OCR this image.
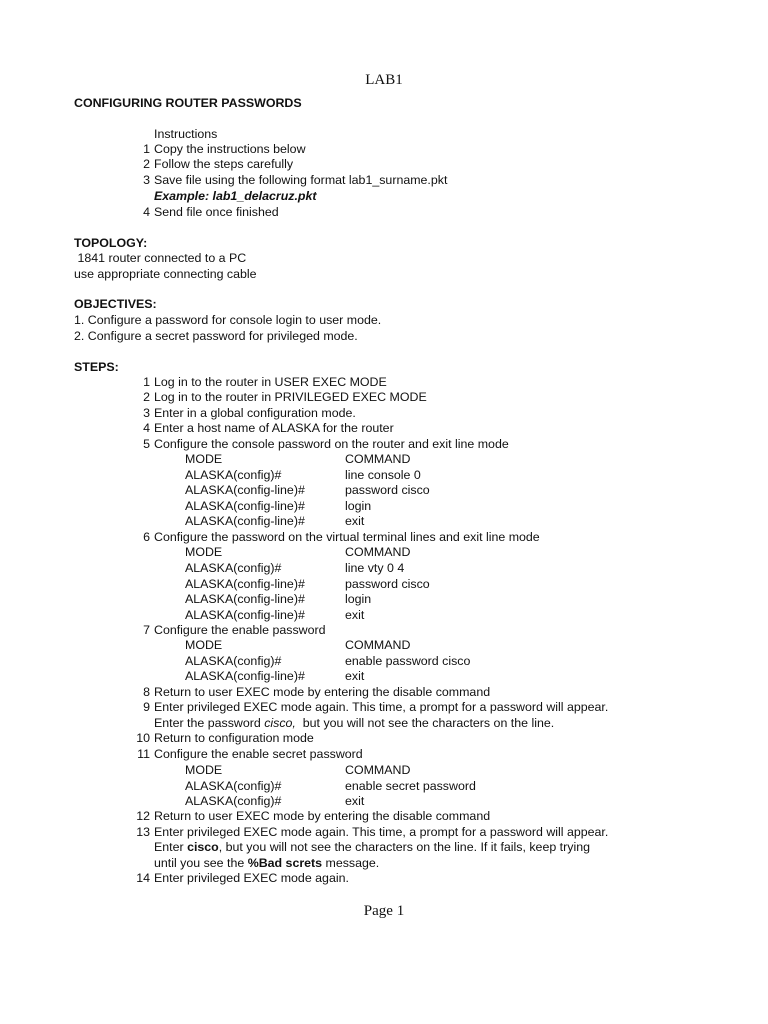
LAB1
CONFIGURING ROUTER PASSWORDS
Instructions
1 Copy the instructions below
2 Follow the steps carefully
3 Save file using the following format lab1_surname.pkt
Example: lab1_delacruz.pkt
4 Send file once finished
TOPOLOGY:
1841 router connected to a PC
use appropriate connecting cable
OBJECTIVES:
1. Configure a password for console login to user mode.
2. Configure a secret password for privileged mode.
STEPS:
1 Log in to the router in USER EXEC MODE
2 Log in to the router in PRIVILEGED EXEC MODE
3 Enter in a global configuration mode.
4 Enter a host name of ALASKA for the router
5 Configure the console password on the router and exit line mode
MODE	COMMAND
ALASKA(config)#	line console 0
ALASKA(config-line)#	password cisco
ALASKA(config-line)#	login
ALASKA(config-line)#	exit
6 Configure the password on the virtual terminal lines and exit line mode
MODE	COMMAND
ALASKA(config)#	line vty 0 4
ALASKA(config-line)#	password cisco
ALASKA(config-line)#	login
ALASKA(config-line)#	exit
7 Configure the enable password
MODE	COMMAND
ALASKA(config)#	enable password cisco
ALASKA(config-line)#	exit
8 Return to user EXEC mode by entering the disable command
9 Enter privileged EXEC mode again. This time, a prompt for a password will appear.
Enter the password cisco,  but you will not see the characters on the line.
10 Return to configuration mode
11 Configure the enable secret password
MODE	COMMAND
ALASKA(config)#	enable secret password
ALASKA(config)#	exit
12 Return to user EXEC mode by entering the disable command
13 Enter privileged EXEC mode again. This time, a prompt for a password will appear.
Enter cisco, but you will not see the characters on the line. If it fails, keep trying
until you see the %Bad screts message.
14 Enter privileged EXEC mode again.
Page 1
